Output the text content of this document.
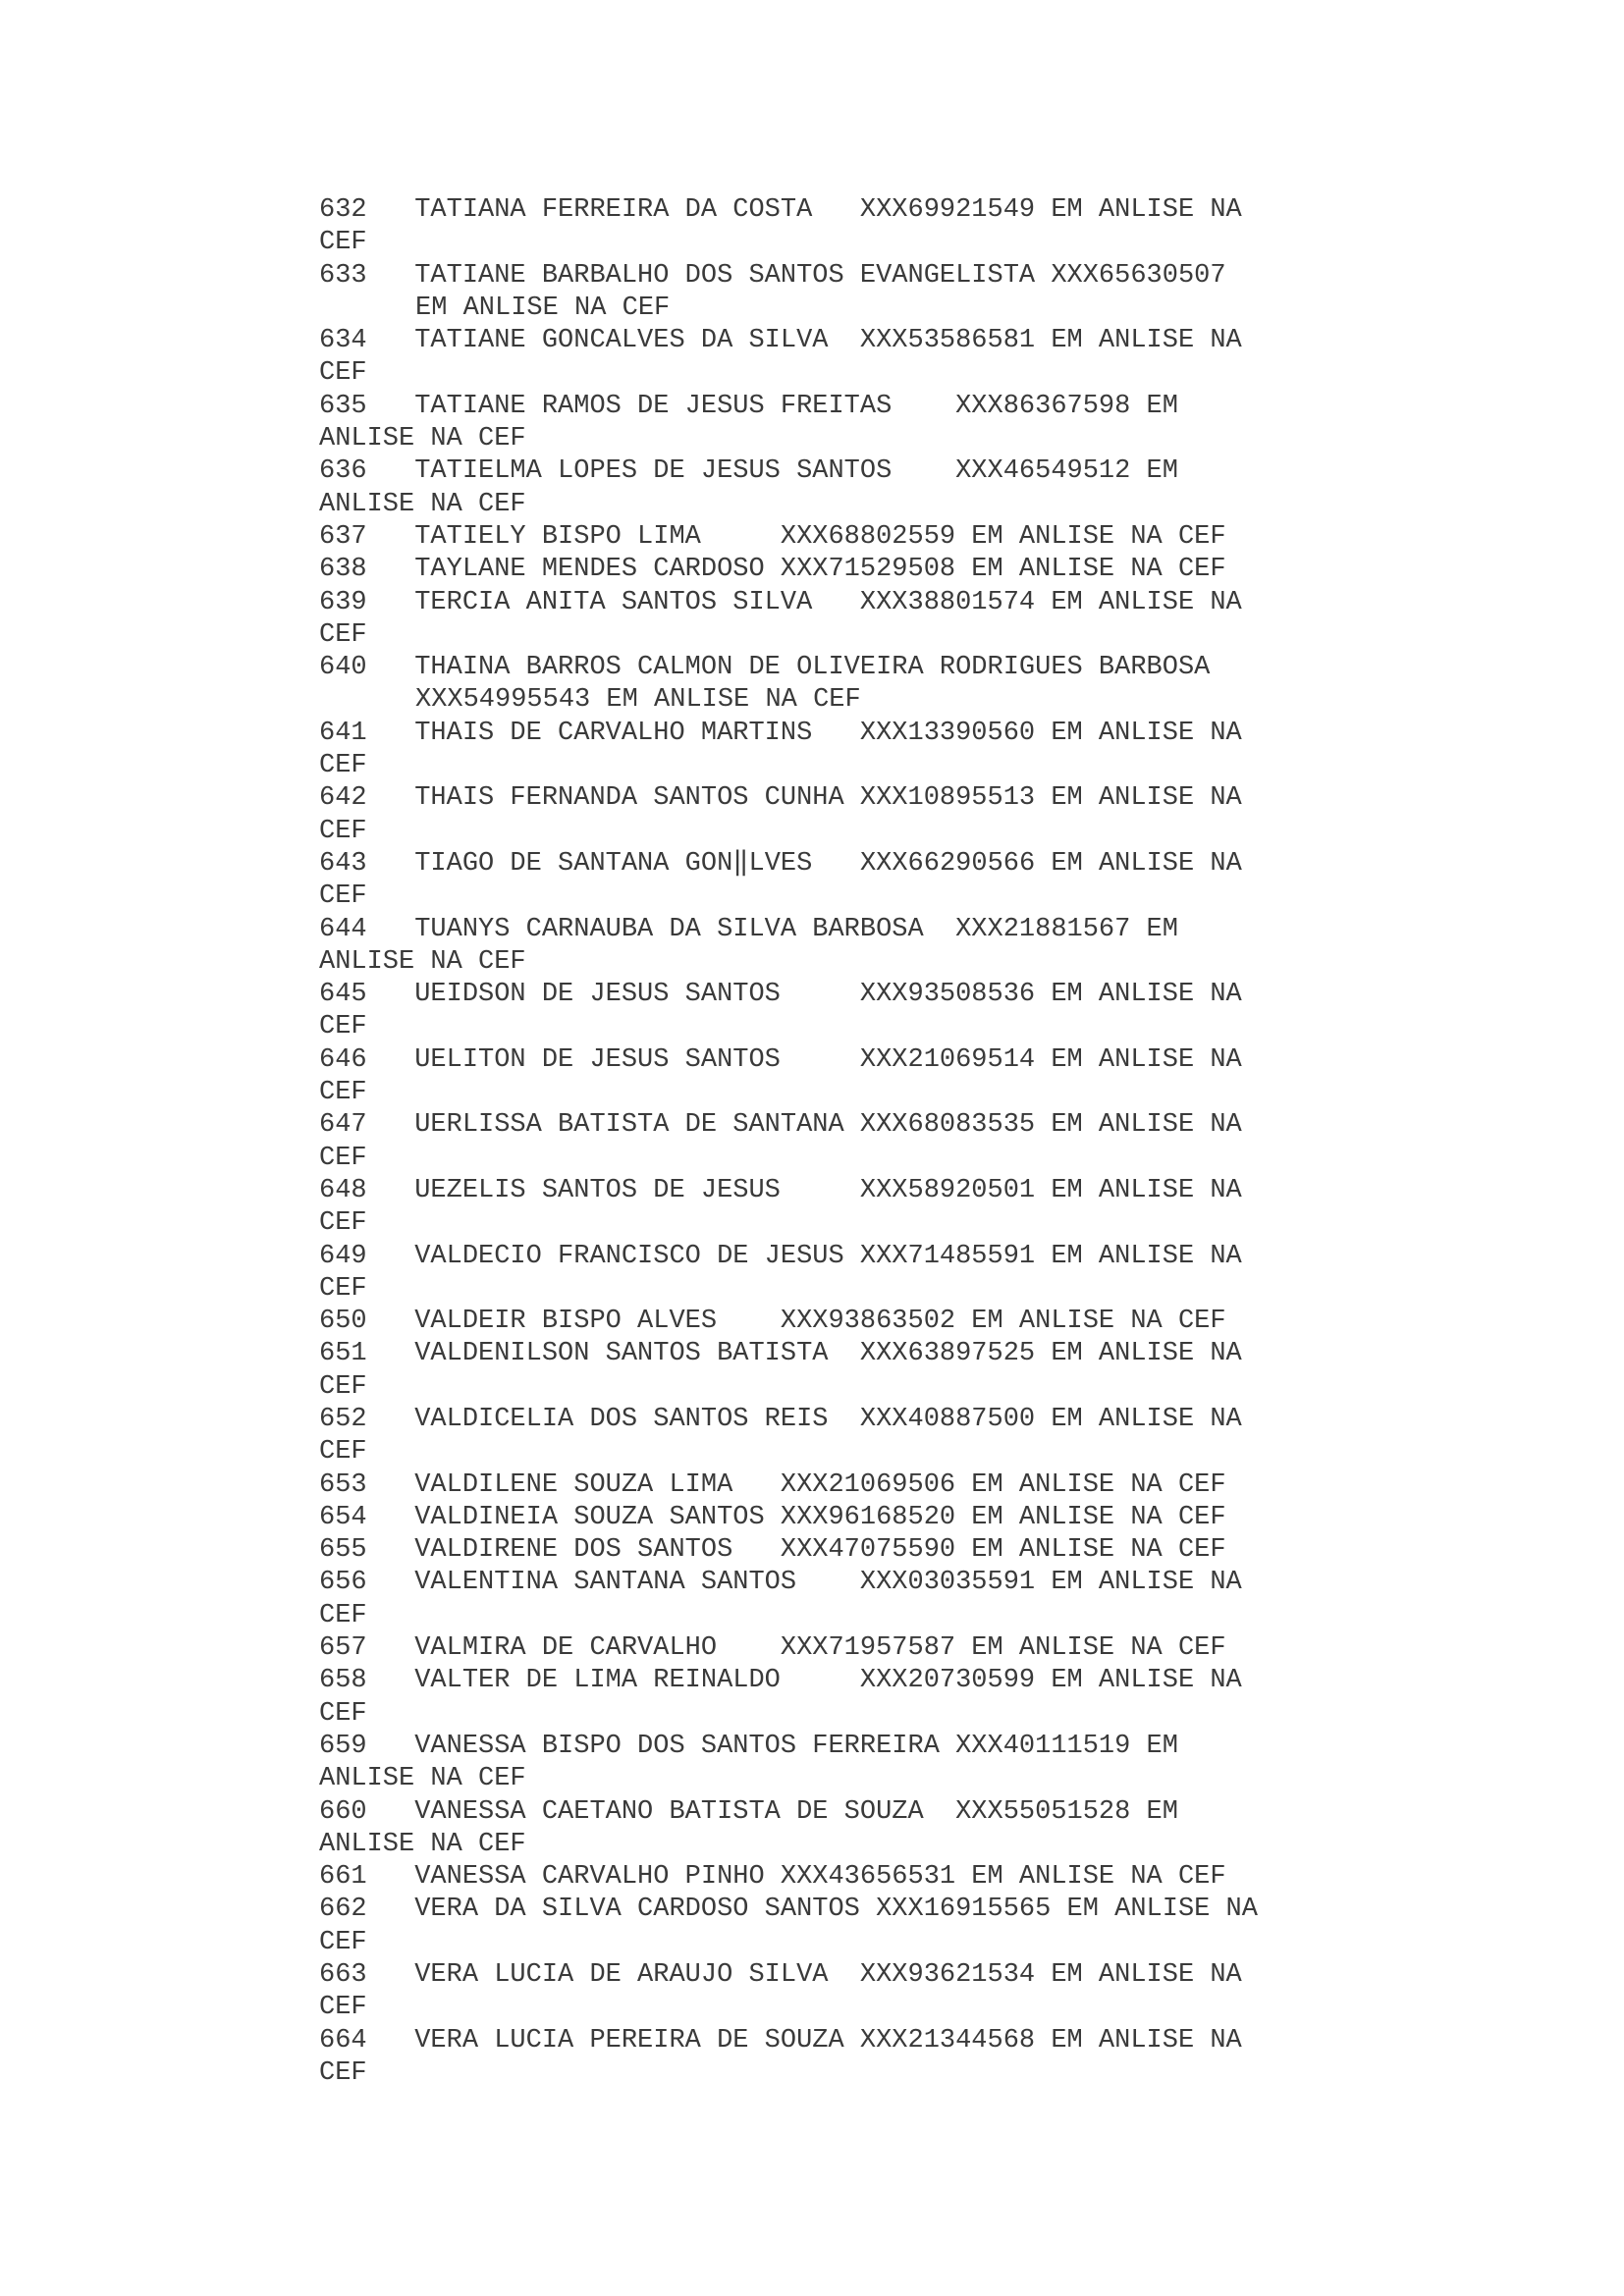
632   TATIANA FERREIRA DA COSTA   XXX69921549 EM ANLISE NA
CEF
633   TATIANE BARBALHO DOS SANTOS EVANGELISTA XXX65630507
EM ANLISE NA CEF
634   TATIANE GONCALVES DA SILVA  XXX53586581 EM ANLISE NA
CEF
635   TATIANE RAMOS DE JESUS FREITAS    XXX86367598 EM
ANLISE NA CEF
636   TATIELMA LOPES DE JESUS SANTOS    XXX46549512 EM
ANLISE NA CEF
637   TATIELY BISPO LIMA     XXX68802559 EM ANLISE NA CEF
638   TAYLANE MENDES CARDOSO XXX71529508 EM ANLISE NA CEF
639   TERCIA ANITA SANTOS SILVA   XXX38801574 EM ANLISE NA
CEF
640   THAINA BARROS CALMON DE OLIVEIRA RODRIGUES BARBOSA
XXX54995543 EM ANLISE NA CEF
641   THAIS DE CARVALHO MARTINS   XXX13390560 EM ANLISE NA
CEF
642   THAIS FERNANDA SANTOS CUNHA XXX10895513 EM ANLISE NA
CEF
643   TIAGO DE SANTANA GON‖LVES   XXX66290566 EM ANLISE NA
CEF
644   TUANYS CARNAUBA DA SILVA BARBOSA  XXX21881567 EM
ANLISE NA CEF
645   UEIDSON DE JESUS SANTOS     XXX93508536 EM ANLISE NA
CEF
646   UELITON DE JESUS SANTOS     XXX21069514 EM ANLISE NA
CEF
647   UERLISSA BATISTA DE SANTANA XXX68083535 EM ANLISE NA
CEF
648   UEZELIS SANTOS DE JESUS     XXX58920501 EM ANLISE NA
CEF
649   VALDECIO FRANCISCO DE JESUS XXX71485591 EM ANLISE NA
CEF
650   VALDEIR BISPO ALVES    XXX93863502 EM ANLISE NA CEF
651   VALDENILSON SANTOS BATISTA  XXX63897525 EM ANLISE NA
CEF
652   VALDICELIA DOS SANTOS REIS  XXX40887500 EM ANLISE NA
CEF
653   VALDILENE SOUZA LIMA   XXX21069506 EM ANLISE NA CEF
654   VALDINEIA SOUZA SANTOS XXX96168520 EM ANLISE NA CEF
655   VALDIRENE DOS SANTOS   XXX47075590 EM ANLISE NA CEF
656   VALENTINA SANTANA SANTOS    XXX03035591 EM ANLISE NA
CEF
657   VALMIRA DE CARVALHO    XXX71957587 EM ANLISE NA CEF
658   VALTER DE LIMA REINALDO     XXX20730599 EM ANLISE NA
CEF
659   VANESSA BISPO DOS SANTOS FERREIRA XXX40111519 EM
ANLISE NA CEF
660   VANESSA CAETANO BATISTA DE SOUZA  XXX55051528 EM
ANLISE NA CEF
661   VANESSA CARVALHO PINHO XXX43656531 EM ANLISE NA CEF
662   VERA DA SILVA CARDOSO SANTOS XXX16915565 EM ANLISE NA
CEF
663   VERA LUCIA DE ARAUJO SILVA  XXX93621534 EM ANLISE NA
CEF
664   VERA LUCIA PEREIRA DE SOUZA XXX21344568 EM ANLISE NA
CEF
